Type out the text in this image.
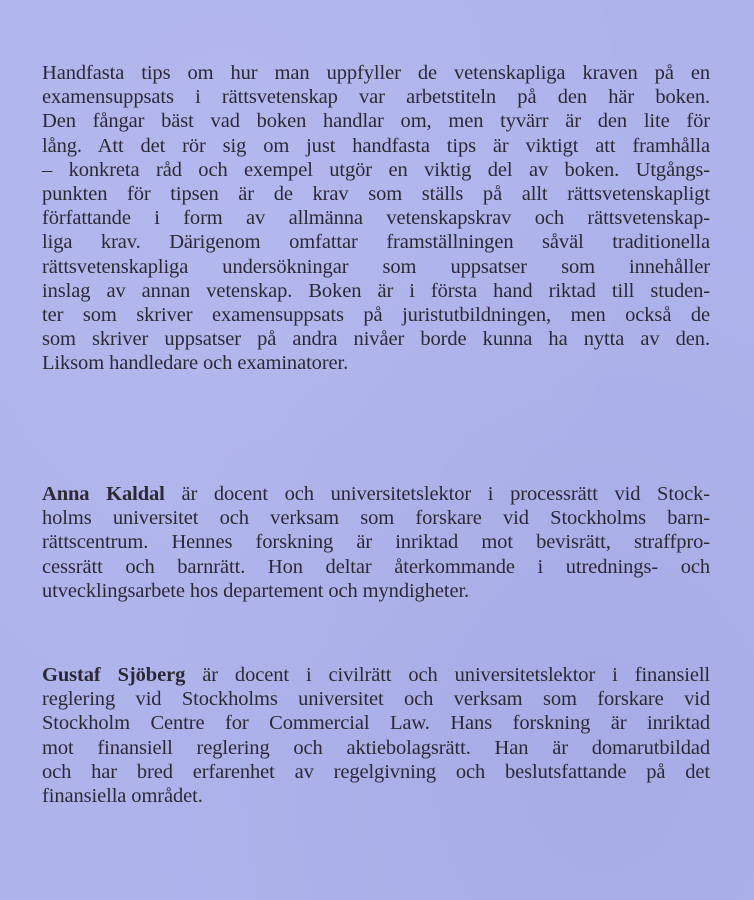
Handfasta tips om hur man uppfyller de vetenskapliga kraven på en
examensuppsats i rättsvetenskap var arbetstiteln på den här boken.
Den fångar bäst vad boken handlar om, men tyvärr är den lite för
lång. Att det rör sig om just handfasta tips är viktigt att framhålla
– konkreta råd och exempel utgör en viktig del av boken. Utgångs-
punkten för tipsen är de krav som ställs på allt rättsvetenskapligt
författande i form av allmänna vetenskapskrav och rättsvetenskap-
liga krav. Därigenom omfattar framställningen såväl traditionella
rättsvetenskapliga undersökningar som uppsatser som innehåller
inslag av annan vetenskap. Boken är i första hand riktad till studen-
ter som skriver examensuppsats på juristutbildningen, men också de
som skriver uppsatser på andra nivåer borde kunna ha nytta av den.
Liksom handledare och examinatorer.

Anna Kaldal är docent och universitetslektor i processrätt vid Stock-
holms universitet och verksam som forskare vid Stockholms barn-
rättscentrum. Hennes forskning är inriktad mot bevisrätt, straffpro-
cessrätt och barnrätt. Hon deltar återkommande i utrednings- och
utvecklingsarbete hos departement och myndigheter.

Gustaf Sjöberg är docent i civilrätt och universitetslektor i finansiell
reglering vid Stockholms universitet och verksam som forskare vid
Stockholm Centre for Commercial Law. Hans forskning är inriktad
mot finansiell reglering och aktiebolagsrätt. Han är domarutbildad
och har bred erfarenhet av regelgivning och beslutsfattande på det
finansiella området.
